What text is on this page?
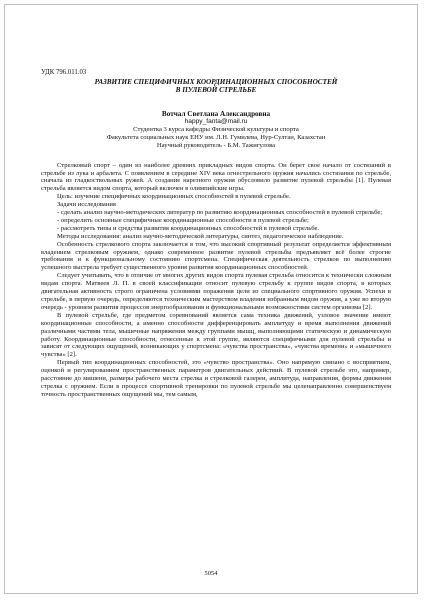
УДК 796.011.03
РАЗВИТИЕ СПЕЦИФИЧНЫХ КООРДИНАЦИОННЫХ СПОСОБНОСТЕЙ
В ПУЛЕВОЙ СТРЕЛЬБЕ
Вотчал Светлана Александровна
happy_fanta@mail.ru
Студентка 3 курса кафедры Физической культуры и спорта
Факультета социальных наук ЕНУ им. Л.Н. Гумилева, Нур-Султан, Казахстан
Научный руководитель - Б.М. Тажигулова

Стрелковый спорт – один из наиболее древних прикладных видов спорта. Он берет свое начало от состязаний в стрельбе из лука и арбалета. С появлением в середине XIV века огнестрельного оружия начались состязания по стрельбе, сначала из гладкоствольных ружей. А создание нарезного оружия обусловило развитие пулевой стрельбы [1]. Пулевая стрельба является видом спорта, который включен в олимпийские игры.

Цель: изучение специфичных координационных способностей в пулевой стрельбе.

Задачи исследования

- сделать анализ научно-методических литератур по развитию координационных способностей в пулевой стрельбе;

- определить основные специфичные координационные способности в пулевой стрельбе;

- рассмотреть типы и средства развития координационных способностей в пулевой стрельбе.

Методы исследования: анализ научно-методической литературы, синтез, педагогическое наблюдение.

Особенность стрелкового спорта заключается в том, что высокий спортивный результат определяется эффективным владением стрелковым оружием, однако современное развитие пулевой стрельбы предъявляет всё более строгие требования и к функциональному состоянию спортсмена. Специфическая деятельность стрелков по выполнению успешного выстрела требует существенного уровня развития координационных способностей.

Следует учитывать, что в отличие от многих других видов спорта пулевая стрельба относится к технически сложным видам спорта. Матвеев Л. П. в своей классификации относит пулевую стрельбу к группе видов спорта, в которых двигательная активность строго ограничена условиями поражения цели из специального спортивного оружия. Успехи в стрельбе, в первую очередь, определяются техническим мастерством владения избранным видом оружия, а уже во вторую очередь - уровнем развития процессов энергообразования и функциональными возможностями систем организма [2].

В пулевой стрельбе, где предметом соревнований является сама техника движений, узловое значение имеют координационные способности, а именно способности дифференцировать амплитуду и время выполнения движений различными частями тела, мышечные напряжения между группами мышц, выполняющими статическую и динамическую работу. Координационные способности, отнесенные к этой группе, являются специфичными для пулевой стрельбы и зависят от следующих ощущений, возникающих у спортсмена: «чувства пространства», «чувства времени» и «мышечного чувства» [2].

Первый тип координационных способностей, это «чувство пространства». Оно напрямую связано с восприятием, оценкой и регулированием пространственных параметров двигательных действий. В пулевой стрельбе это, например, расстояние до мишени, размеры рабочего места стрелка и стрелковой галереи, амплитуда, направления, формы движения стрелка с оружием. Если в процессе спортивной тренировки по пулевой стрельбе мы целенаправленно совершенствуем точность пространственных ощущений мы, тем самым,

5054
